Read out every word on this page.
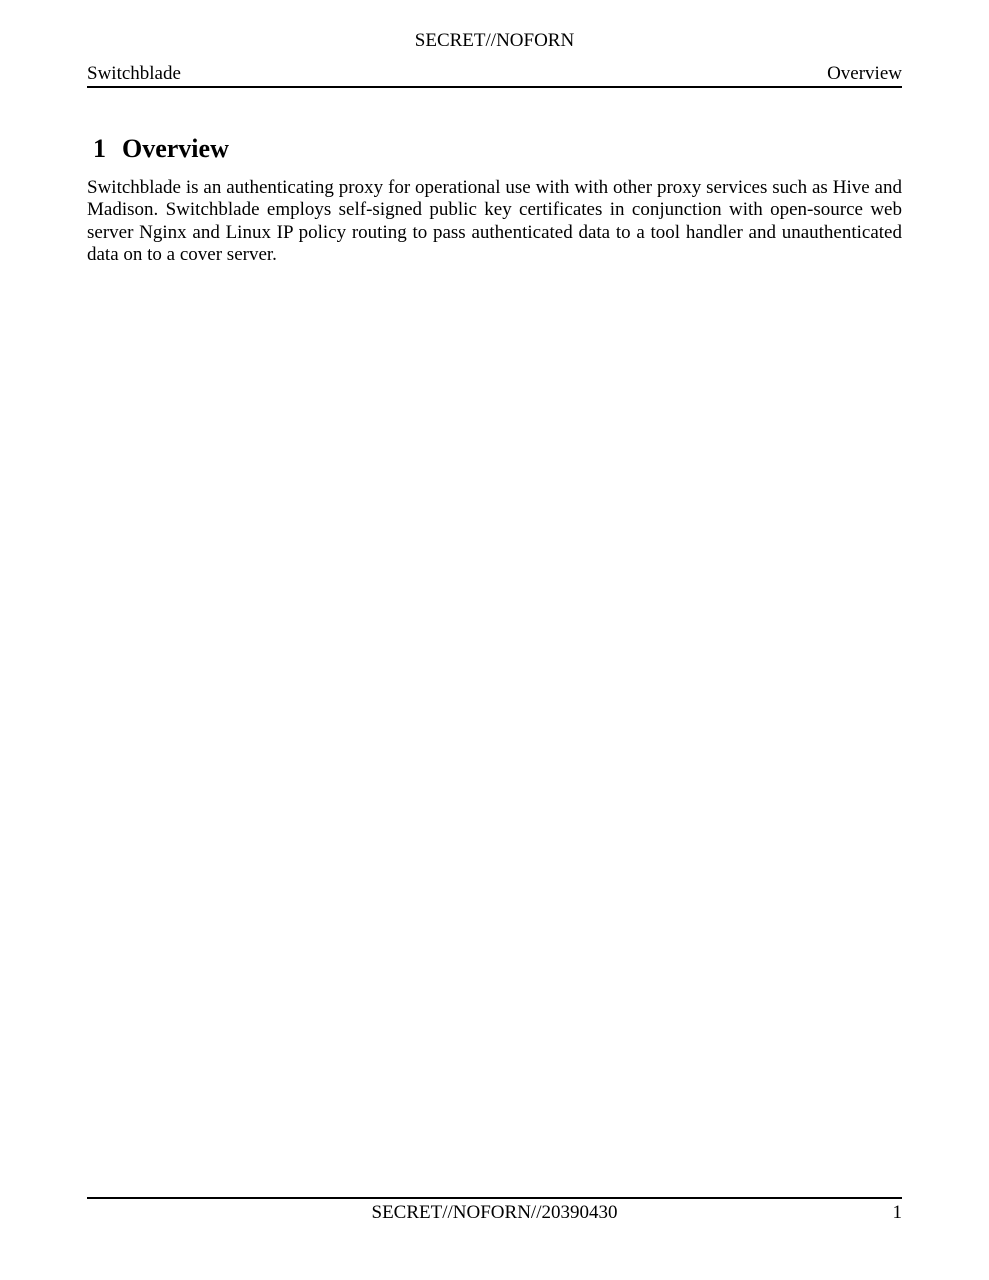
SECRET//NOFORN
Switchblade	Overview
1 Overview

Switchblade is an authenticating proxy for operational use with with other proxy services such as Hive and Madison. Switchblade employs self-signed public key certificates in conjunction with open-source web server Nginx and Linux IP policy routing to pass authenticated data to a tool handler and unauthenticated data on to a cover server.

SECRET//NOFORN//20390430	1
